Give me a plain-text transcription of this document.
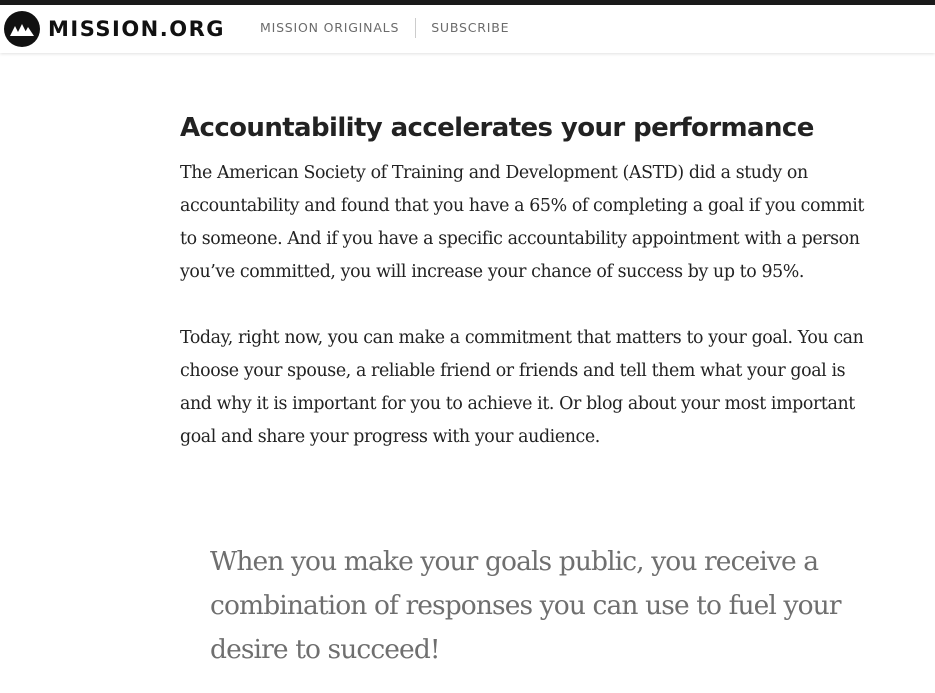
MISSION.ORG	MISSION ORIGINALS	SUBSCRIBE
Accountability accelerates your performance

The American Society of Training and Development (ASTD) did a study on accountability and found that you have a 65% of completing a goal if you commit to someone. And if you have a specific accountability appointment with a person you’ve committed, you will increase your chance of success by up to 95%.

Today, right now, you can make a commitment that matters to your goal. You can choose your spouse, a reliable friend or friends and tell them what your goal is and why it is important for you to achieve it. Or blog about your most important goal and share your progress with your audience.

When you make your goals public, you receive a combination of responses you can use to fuel your desire to succeed!
